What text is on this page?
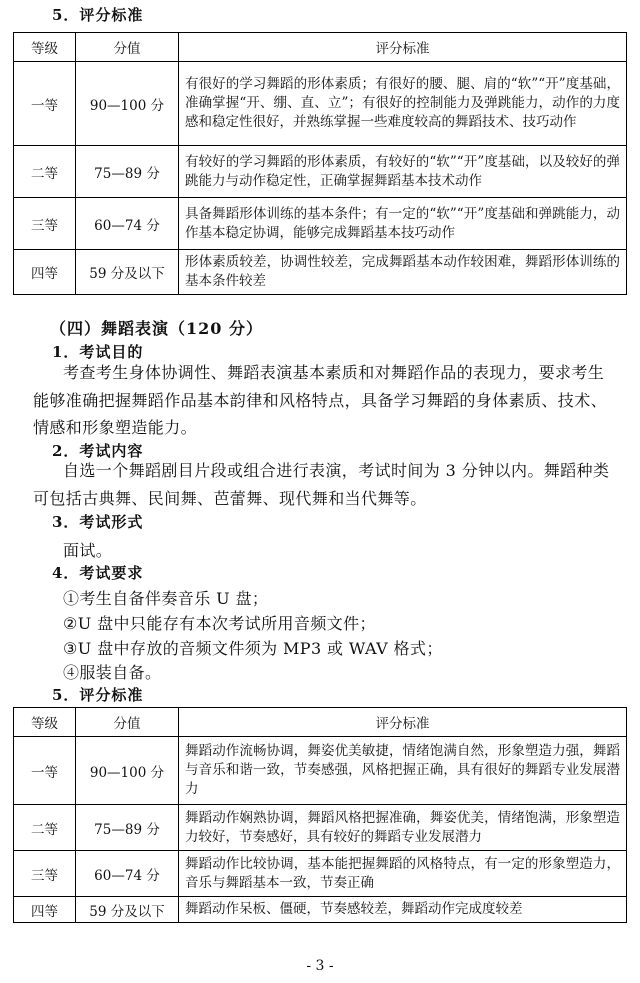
5．评分标准
等级	分值	评分标准
一等	90—100 分	有很好的学习舞蹈的形体素质；有很好的腰、腿、肩的“软”“开”度基础，准确掌握“开、绷、直、立”；有很好的控制能力及弹跳能力，动作的力度感和稳定性很好，并熟练掌握一些难度较高的舞蹈技术、技巧动作
二等	75—89 分	有较好的学习舞蹈的形体素质，有较好的“软”“开”度基础，以及较好的弹跳能力与动作稳定性，正确掌握舞蹈基本技术动作
三等	60—74 分	具备舞蹈形体训练的基本条件；有一定的“软”“开”度基础和弹跳能力，动作基本稳定协调，能够完成舞蹈基本技巧动作
四等	59 分及以下	形体素质较差，协调性较差，完成舞蹈基本动作较困难，舞蹈形体训练的基本条件较差
（四）舞蹈表演（120 分）
1．考试目的
考查考生身体协调性、舞蹈表演基本素质和对舞蹈作品的表现力，要求考生能够准确把握舞蹈作品基本韵律和风格特点，具备学习舞蹈的身体素质、技术、情感和形象塑造能力。
2．考试内容
自选一个舞蹈剧目片段或组合进行表演，考试时间为 3 分钟以内。舞蹈种类可包括古典舞、民间舞、芭蕾舞、现代舞和当代舞等。
3．考试形式
面试。
4．考试要求
①考生自备伴奏音乐 U 盘；
②U 盘中只能存有本次考试所用音频文件；
③U 盘中存放的音频文件须为 MP3 或 WAV 格式；
④服装自备。
5．评分标准
等级	分值	评分标准
一等	90—100 分	舞蹈动作流畅协调，舞姿优美敏捷，情绪饱满自然，形象塑造力强，舞蹈与音乐和谐一致，节奏感强，风格把握正确，具有很好的舞蹈专业发展潜力
二等	75—89 分	舞蹈动作娴熟协调，舞蹈风格把握准确，舞姿优美，情绪饱满，形象塑造力较好，节奏感好，具有较好的舞蹈专业发展潜力
三等	60—74 分	舞蹈动作比较协调，基本能把握舞蹈的风格特点，有一定的形象塑造力，音乐与舞蹈基本一致，节奏正确
四等	59 分及以下	舞蹈动作呆板、僵硬，节奏感较差，舞蹈动作完成度较差
- 3 -
